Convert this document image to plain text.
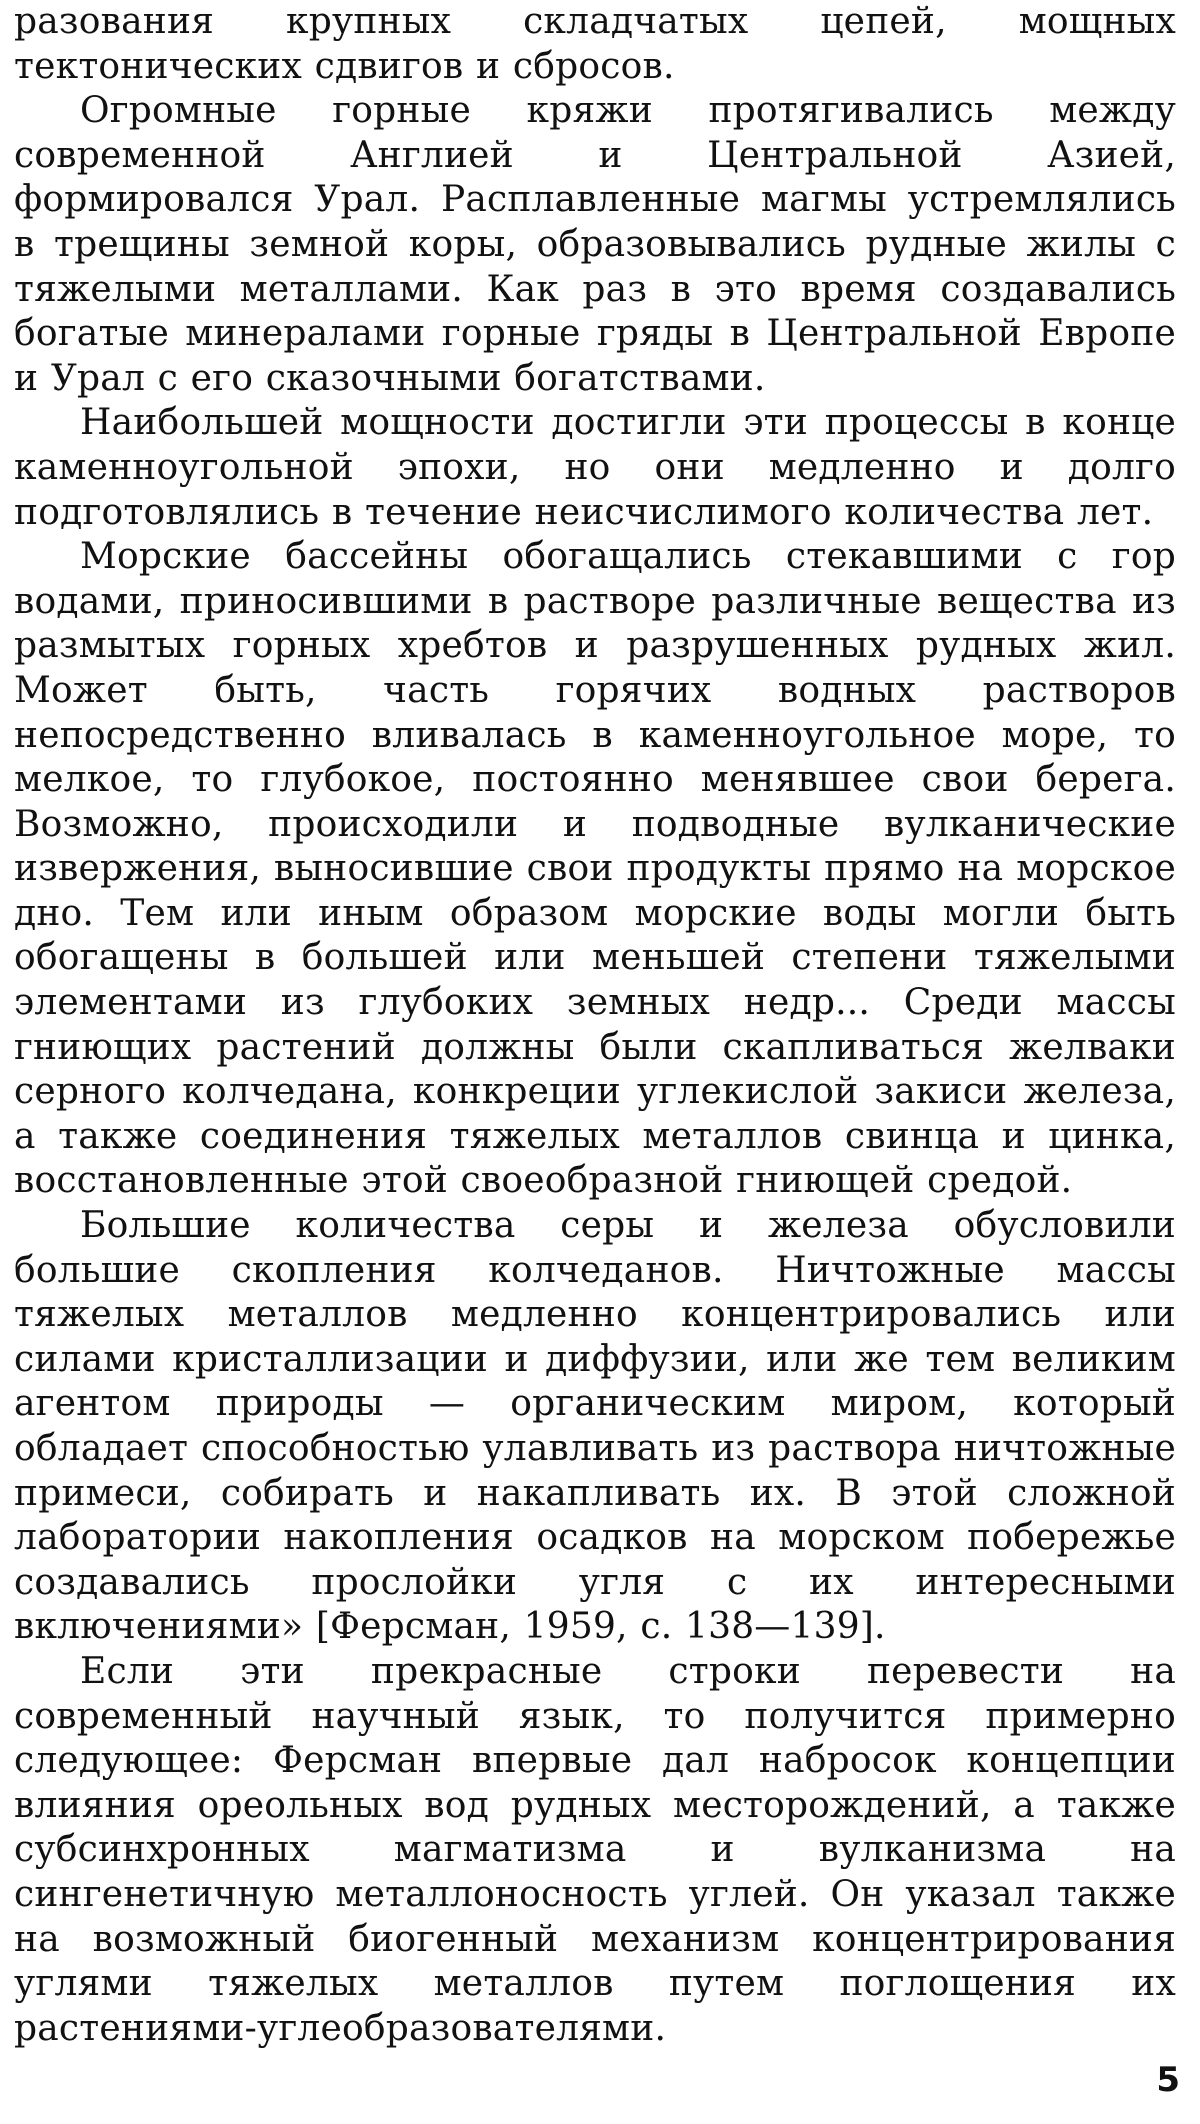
разования крупных складчатых цепей, мощных тектонических сдвигов и сбросов.

Огромные горные кряжи протягивались между современной Англией и Центральной Азией, формировался Урал. Расплавленные магмы устремлялись в трещины земной коры, образовывались рудные жилы с тяжелыми металлами. Как раз в это время создавались богатые минералами горные гряды в Центральной Европе и Урал с его сказочными богатствами.

Наибольшей мощности достигли эти процессы в конце каменноугольной эпохи, но они медленно и долго подготовлялись в течение неисчислимого количества лет.

Морские бассейны обогащались стекавшими с гор водами, приносившими в растворе различные вещества из размытых горных хребтов и разрушенных рудных жил. Может быть, часть горячих водных растворов непосредственно вливалась в каменноугольное море, то мелкое, то глубокое, постоянно менявшее свои берега. Возможно, происходили и подводные вулканические извержения, выносившие свои продукты прямо на морское дно. Тем или иным образом морские воды могли быть обогащены в большей или меньшей степени тяжелыми элементами из глубоких земных недр... Среди массы гниющих растений должны были скапливаться желваки серного колчедана, конкреции углекислой закиси железа, а также соединения тяжелых металлов свинца и цинка, восстановленные этой своеобразной гниющей средой.

Большие количества серы и железа обусловили большие скопления колчеданов. Ничтожные массы тяжелых металлов медленно концентрировались или силами кристаллизации и диффузии, или же тем великим агентом природы — органическим миром, который обладает способностью улавливать из раствора ничтожные примеси, собирать и накапливать их. В этой сложной лаборатории накопления осадков на морском побережье создавались прослойки угля с их интересными включениями» [Ферсман, 1959, с. 138—139].

Если эти прекрасные строки перевести на современный научный язык, то получится примерно следующее: Ферсман впервые дал набросок концепции влияния ореольных вод рудных месторождений, а также субсинхронных магматизма и вулканизма на сингенетичную металлоносность углей. Он указал также на возможный биогенный механизм концентрирования углями тяжелых металлов путем поглощения их растениями-углеобразователями.

5
